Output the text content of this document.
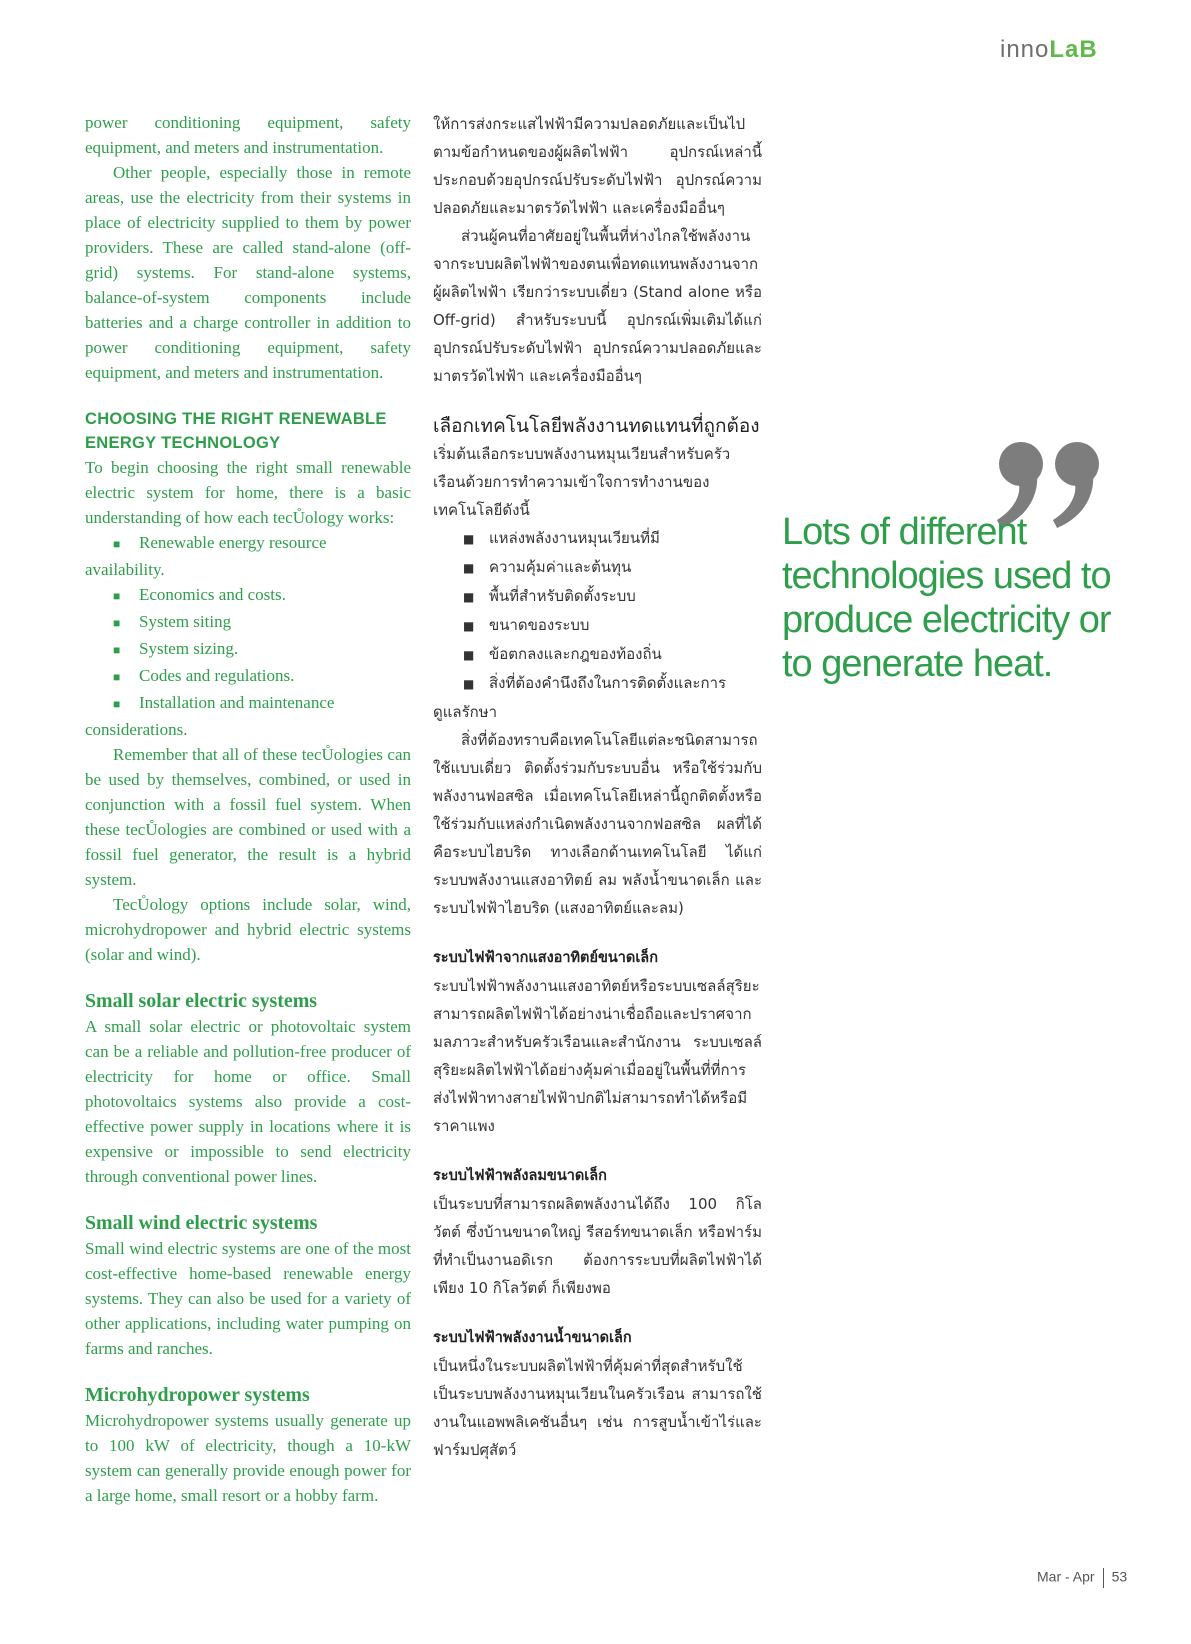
innoLaB

power conditioning equipment, safety equipment, and meters and instrumentation.

Other people, especially those in remote areas, use the electricity from their systems in place of electricity supplied to them by power providers. These are called stand-alone (off-grid) systems. For stand-alone systems, balance-of-system components include batteries and a charge controller in addition to power conditioning equipment, safety equipment, and meters and instrumentation.

CHOOSING THE RIGHT RENEWABLE ENERGY TECHNOLOGY

To begin choosing the right small renewable electric system for home, there is a basic understanding of how each tecŮology works:

■ Renewable energy resource

availability.

■ Economics and costs.

■ System siting

■ System sizing.

■ Codes and regulations.

■ Installation and maintenance

considerations.

Remember that all of these tecŮologies can be used by themselves, combined, or used in conjunction with a fossil fuel system. When these tecŮologies are combined or used with a fossil fuel generator, the result is a hybrid system.

TecŮology options include solar, wind, microhydropower and hybrid electric systems (solar and wind).

Small solar electric systems

A small solar electric or photovoltaic system can be a reliable and pollution-free producer of electricity for home or office. Small photovoltaics systems also provide a cost-effective power supply in locations where it is expensive or impossible to send electricity through conventional power lines.

Small wind electric systems

Small wind electric systems are one of the most cost-effective home-based renewable energy systems. They can also be used for a variety of other applications, including water pumping on farms and ranches.

Microhydropower systems

Microhydropower systems usually generate up to 100 kW of electricity, though a 10-kW system can generally provide enough power for a large home, small resort or a hobby farm.

ให้การส่งกระแสไฟฟ้ามีความปลอดภัยและเป็นไปตามข้อกำหนดของผู้ผลิตไฟฟ้า อุปกรณ์เหล่านี้ประกอบด้วยอุปกรณ์ปรับระดับไฟฟ้า อุปกรณ์ความปลอดภัยและมาตรวัดไฟฟ้า และเครื่องมืออื่นๆ

ส่วนผู้คนที่อาศัยอยู่ในพื้นที่ห่างไกลใช้พลังงานจากระบบผลิตไฟฟ้าของตนเพื่อทดแทนพลังงานจากผู้ผลิตไฟฟ้า เรียกว่าระบบเดี่ยว (Stand alone หรือ Off-grid) สำหรับระบบนี้ อุปกรณ์เพิ่มเติมได้แก่อุปกรณ์ปรับระดับไฟฟ้า อุปกรณ์ความปลอดภัยและมาตรวัดไฟฟ้า และเครื่องมืออื่นๆ

เลือกเทคโนโลยีพลังงานทดแทนที่ถูกต้อง

เริ่มต้นเลือกระบบพลังงานหมุนเวียนสำหรับครัวเรือนด้วยการทำความเข้าใจการทำงานของเทคโนโลยีดังนี้

■ แหล่งพลังงานหมุนเวียนที่มี

■ ความคุ้มค่าและต้นทุน

■ พื้นที่สำหรับติดตั้งระบบ

■ ขนาดของระบบ

■ ข้อตกลงและกฎของท้องถิ่น

■ สิ่งที่ต้องคำนึงถึงในการติดตั้งและการ

ดูแลรักษา

สิ่งที่ต้องทราบคือเทคโนโลยีแต่ละชนิดสามารถใช้แบบเดี่ยว ติดตั้งร่วมกับระบบอื่น หรือใช้ร่วมกับพลังงานฟอสซิล เมื่อเทคโนโลยีเหล่านี้ถูกติดตั้งหรือใช้ร่วมกับแหล่งกำเนิดพลังงานจากฟอสซิล ผลที่ได้คือระบบไฮบริด ทางเลือกด้านเทคโนโลยี ได้แก่ ระบบพลังงานแสงอาทิตย์ ลม พลังน้ำขนาดเล็ก และระบบไฟฟ้าไฮบริด (แสงอาทิตย์และลม)

ระบบไฟฟ้าจากแสงอาทิตย์ขนาดเล็ก

ระบบไฟฟ้าพลังงานแสงอาทิตย์หรือระบบเซลล์สุริยะสามารถผลิตไฟฟ้าได้อย่างน่าเชื่อถือและปราศจากมลภาวะสำหรับครัวเรือนและสำนักงาน ระบบเซลล์สุริยะผลิตไฟฟ้าได้อย่างคุ้มค่าเมื่ออยู่ในพื้นที่ที่การส่งไฟฟ้าทางสายไฟฟ้าปกติไม่สามารถทำได้หรือมีราคาแพง

ระบบไฟฟ้าพลังลมขนาดเล็ก

เป็นระบบที่สามารถผลิตพลังงานได้ถึง 100 กิโลวัตต์ ซึ่งบ้านขนาดใหญ่ รีสอร์ทขนาดเล็ก หรือฟาร์มที่ทำเป็นงานอดิเรก ต้องการระบบที่ผลิตไฟฟ้าได้เพียง 10 กิโลวัตต์ ก็เพียงพอ

ระบบไฟฟ้าพลังงานน้ำขนาดเล็ก

เป็นหนึ่งในระบบผลิตไฟฟ้าที่คุ้มค่าที่สุดสำหรับใช้เป็นระบบพลังงานหมุนเวียนในครัวเรือน สามารถใช้งานในแอพพลิเคชันอื่นๆ เช่น การสูบน้ำเข้าไร่และฟาร์มปศุสัตว์

Lots of different technologies used to produce electricity or to generate heat.

Mar - Apr 53
